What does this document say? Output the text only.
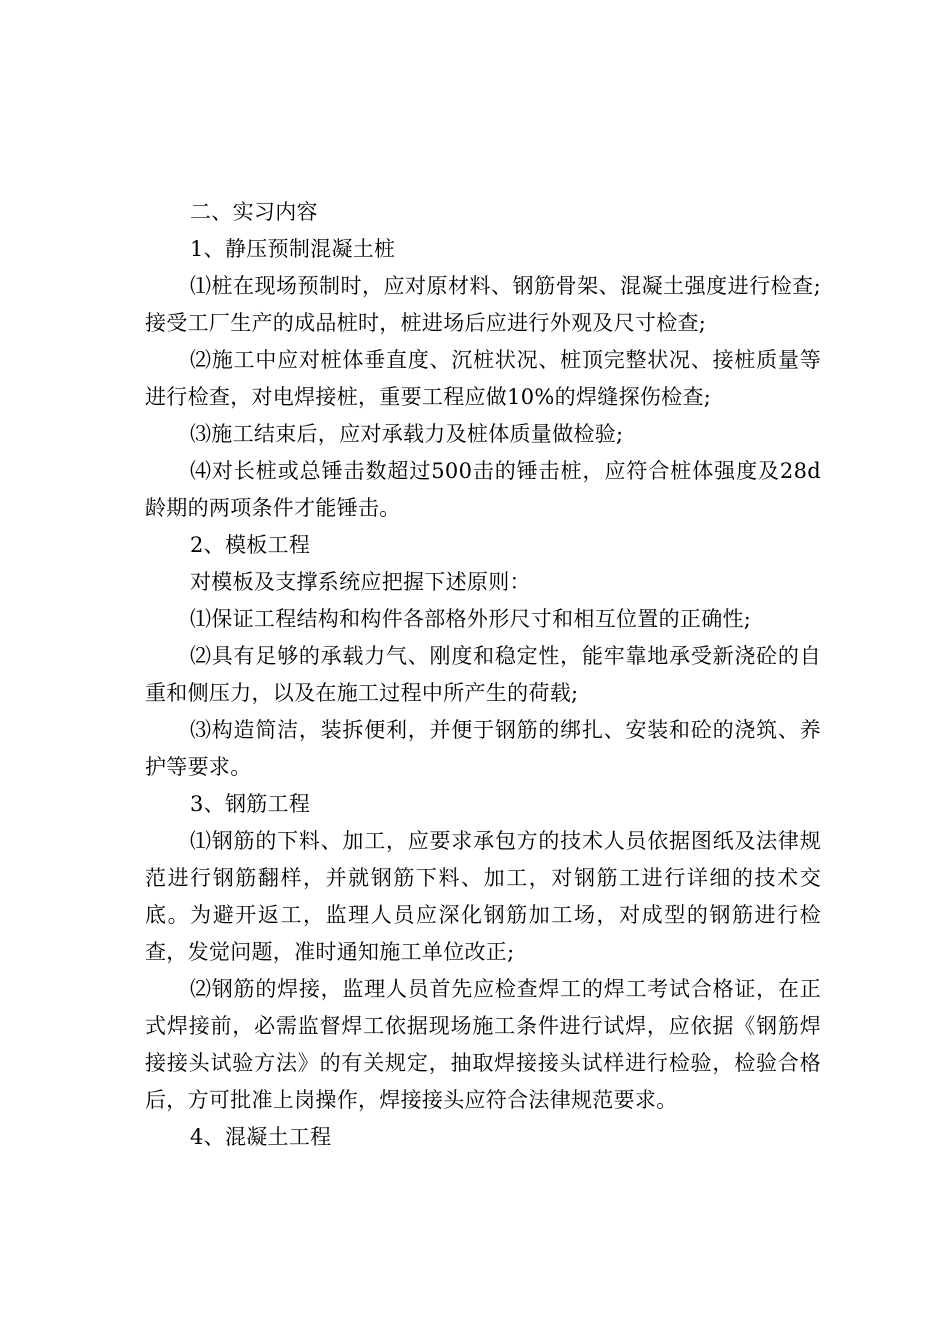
二、实习内容

1、静压预制混凝土桩

⑴桩在现场预制时，应对原材料、钢筋骨架、混凝土强度进行检查;接受工厂生产的成品桩时，桩进场后应进行外观及尺寸检查;

⑵施工中应对桩体垂直度、沉桩状况、桩顶完整状况、接桩质量等进行检查，对电焊接桩，重要工程应做10%的焊缝探伤检查;

⑶施工结束后，应对承载力及桩体质量做检验;

⑷对长桩或总锤击数超过500击的锤击桩，应符合桩体强度及28d龄期的两项条件才能锤击。

2、模板工程

对模板及支撑系统应把握下述原则：

⑴保证工程结构和构件各部格外形尺寸和相互位置的正确性;

⑵具有足够的承载力气、刚度和稳定性，能牢靠地承受新浇砼的自重和侧压力，以及在施工过程中所产生的荷载;

⑶构造简洁，装拆便利，并便于钢筋的绑扎、安装和砼的浇筑、养护等要求。

3、钢筋工程

⑴钢筋的下料、加工，应要求承包方的技术人员依据图纸及法律规范进行钢筋翻样，并就钢筋下料、加工，对钢筋工进行详细的技术交底。为避开返工，监理人员应深化钢筋加工场，对成型的钢筋进行检查，发觉问题，准时通知施工单位改正;

⑵钢筋的焊接，监理人员首先应检查焊工的焊工考试合格证，在正式焊接前，必需监督焊工依据现场施工条件进行试焊，应依据《钢筋焊接接头试验方法》的有关规定，抽取焊接接头试样进行检验，检验合格后，方可批准上岗操作，焊接接头应符合法律规范要求。

4、混凝土工程
